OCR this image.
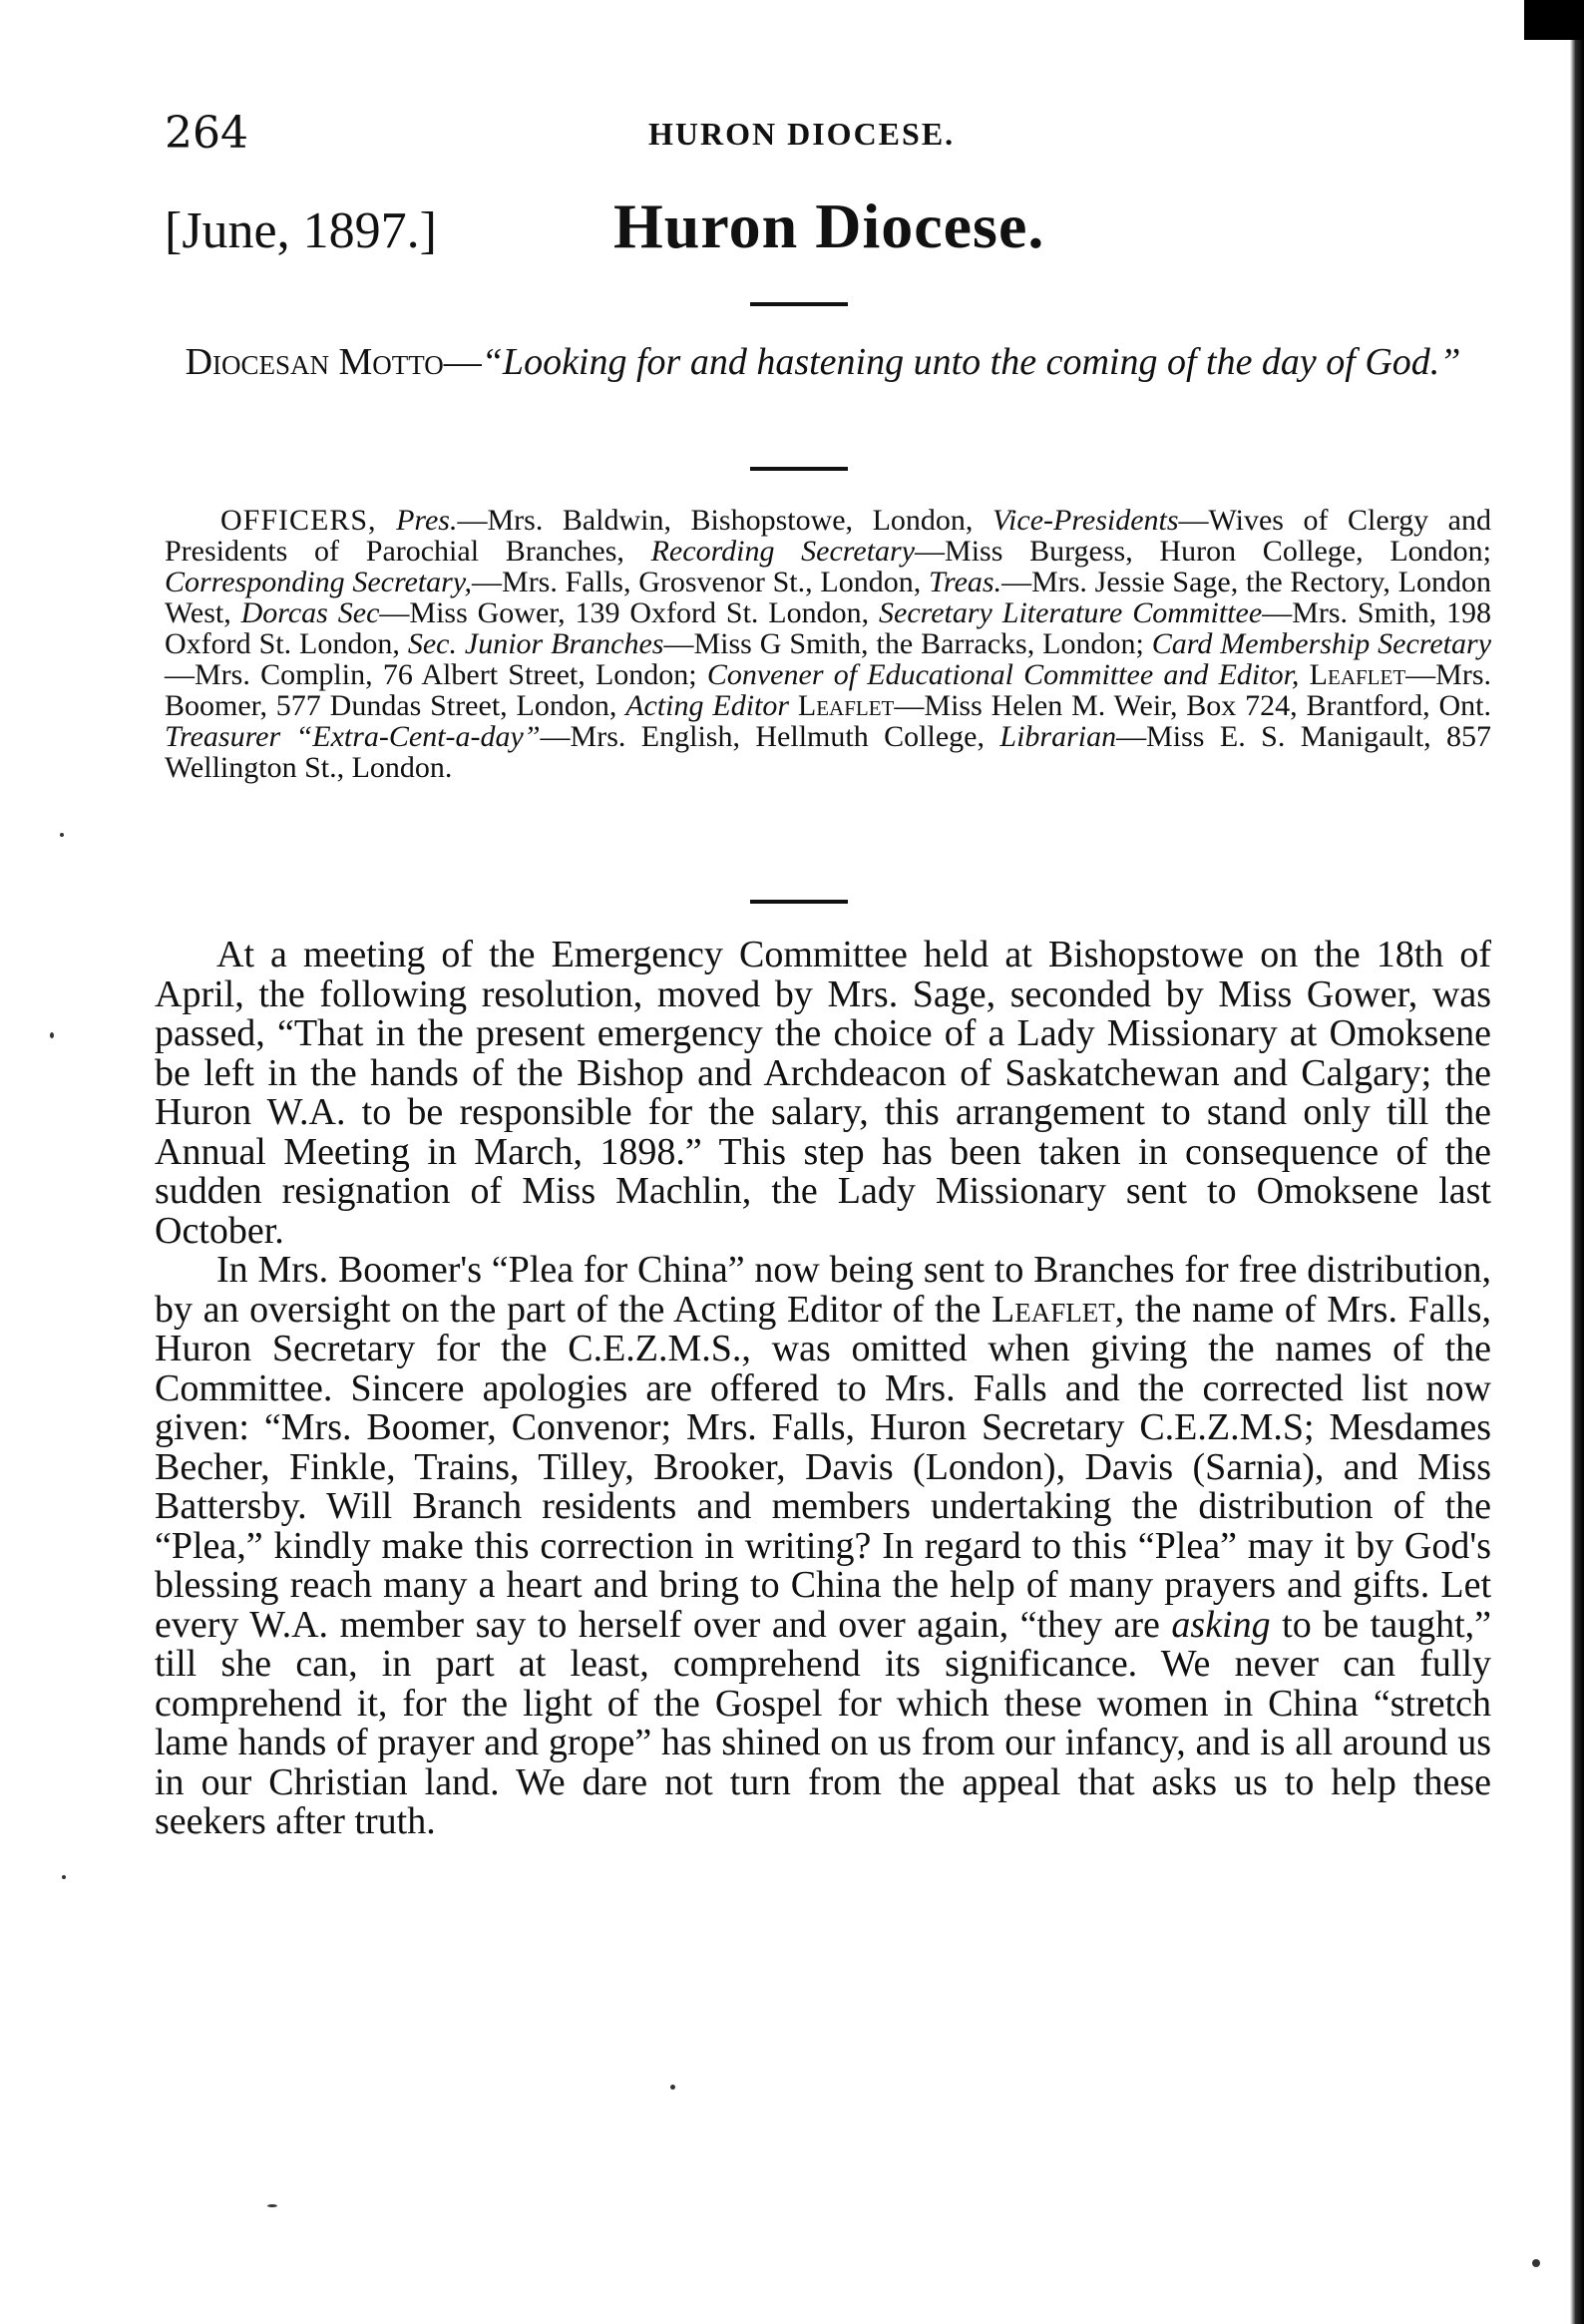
264	HURON DIOCESE.
[June, 1897.]	Huron Diocese.
Diocesan Motto—“Looking for and hastening unto the coming of the day of God.”
OFFICERS, Pres.—Mrs. Baldwin, Bishopstowe, London, Vice-Presidents—Wives of Clergy and Presidents of Parochial Branches, Recording Secretary—Miss Burgess, Huron College, London; Corresponding Secretary,—Mrs. Falls, Grosvenor St., London, Treas.—Mrs. Jessie Sage, the Rectory, London West, Dorcas Sec—Miss Gower, 139 Oxford St. London, Secretary Literature Committee—Mrs. Smith, 198 Oxford St. London, Sec. Junior Branches—Miss G Smith, the Barracks, London; Card Membership Secretary—Mrs. Complin, 76 Albert Street, London; Convener of Educational Committee and Editor, Leaflet—Mrs. Boomer, 577 Dundas Street, London, Acting Editor Leaflet—Miss Helen M. Weir, Box 724, Brantford, Ont. Treasurer “Extra-Cent-a-day”—Mrs. English, Hellmuth College, Librarian—Miss E. S. Manigault, 857 Wellington St., London.

At a meeting of the Emergency Committee held at Bishopstowe on the 18th of April, the following resolution, moved by Mrs. Sage, seconded by Miss Gower, was passed, “That in the present emergency the choice of a Lady Missionary at Omoksene be left in the hands of the Bishop and Archdeacon of Saskatchewan and Calgary; the Huron W.A. to be responsible for the salary, this arrangement to stand only till the Annual Meeting in March, 1898.” This step has been taken in consequence of the sudden resignation of Miss Machlin, the Lady Missionary sent to Omoksene last October.

In Mrs. Boomer's “Plea for China” now being sent to Branches for free distribution, by an oversight on the part of the Acting Editor of the Leaflet, the name of Mrs. Falls, Huron Secretary for the C.E.Z.M.S., was omitted when giving the names of the Committee. Sincere apologies are offered to Mrs. Falls and the corrected list now given: “Mrs. Boomer, Convenor; Mrs. Falls, Huron Secretary C.E.Z.M.S; Mesdames Becher, Finkle, Trains, Tilley, Brooker, Davis (London), Davis (Sarnia), and Miss Battersby. Will Branch residents and members undertaking the distribution of the “Plea,” kindly make this correction in writing? In regard to this “Plea” may it by God's blessing reach many a heart and bring to China the help of many prayers and gifts. Let every W.A. member say to herself over and over again, “they are asking to be taught,” till she can, in part at least, comprehend its significance. We never can fully comprehend it, for the light of the Gospel for which these women in China “stretch lame hands of prayer and grope” has shined on us from our infancy, and is all around us in our Christian land. We dare not turn from the appeal that asks us to help these seekers after truth.
